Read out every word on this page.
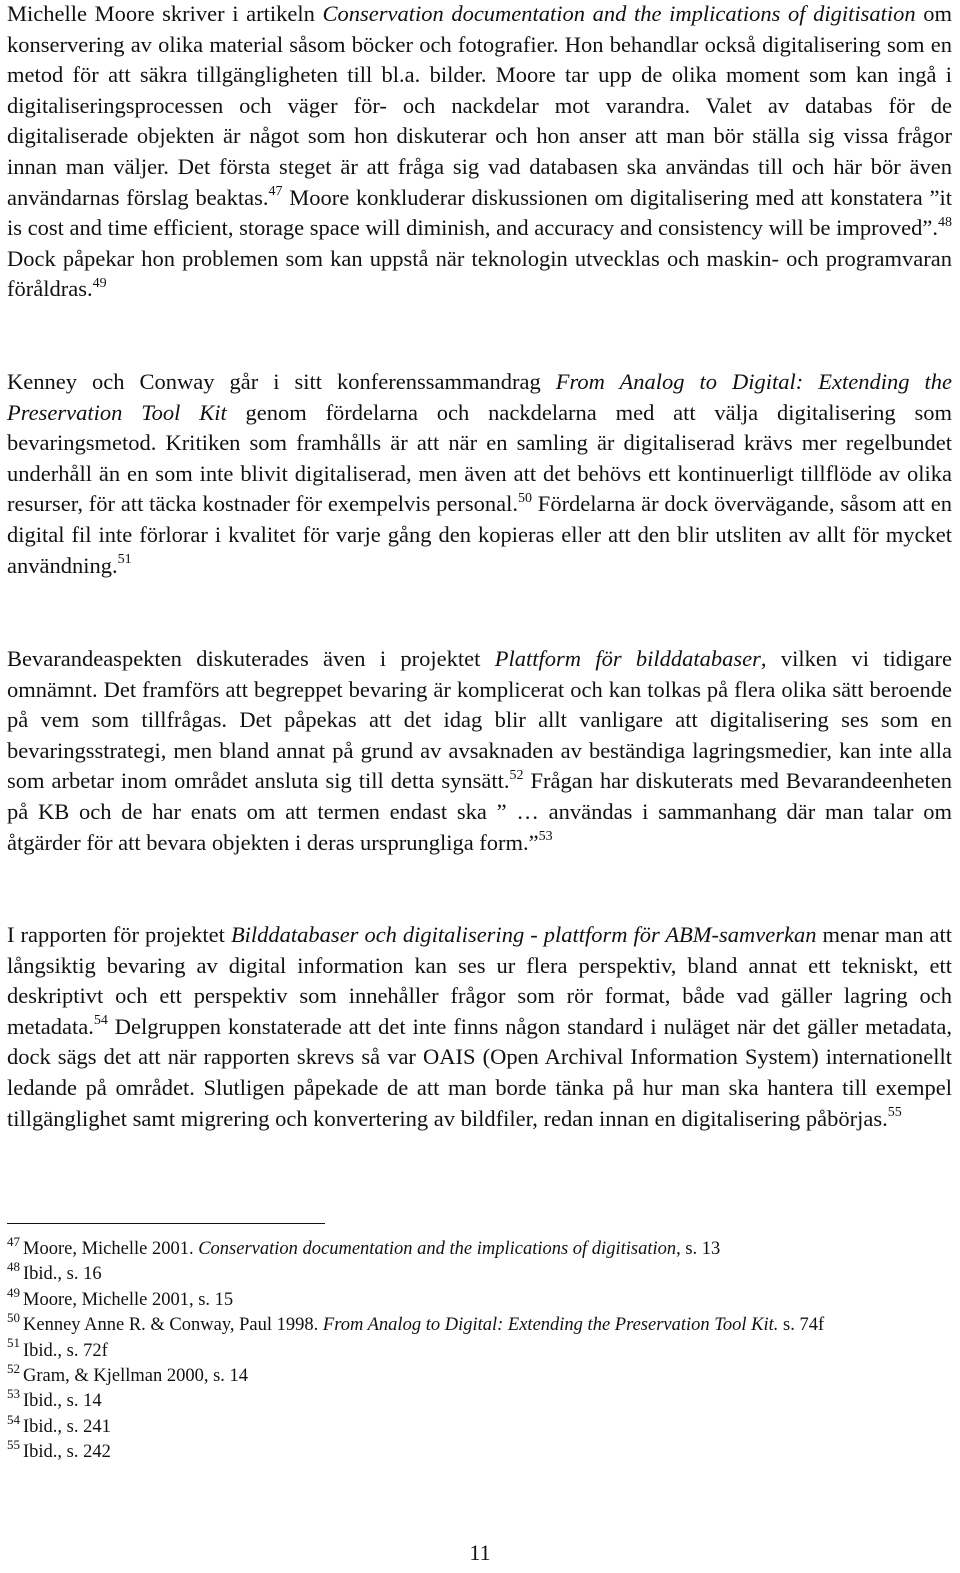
Michelle Moore skriver i artikeln Conservation documentation and the implications of digitisation om konservering av olika material såsom böcker och fotografier. Hon behandlar också digitalisering som en metod för att säkra tillgängligheten till bl.a. bilder. Moore tar upp de olika moment som kan ingå i digitaliseringsprocessen och väger för- och nackdelar mot varandra. Valet av databas för de digitaliserade objekten är något som hon diskuterar och hon anser att man bör ställa sig vissa frågor innan man väljer. Det första steget är att fråga sig vad databasen ska användas till och här bör även användarnas förslag beaktas.$^{47}$ Moore konkluderar diskussionen om digitalisering med att konstatera ”it is cost and time efficient, storage space will diminish, and accuracy and consistency will be improved”.$^{48}$ Dock påpekar hon problemen som kan uppstå när teknologin utvecklas och maskin- och programvaran föråldras.$^{49}$

Kenney och Conway går i sitt konferenssammandrag From Analog to Digital: Extending the Preservation Tool Kit genom fördelarna och nackdelarna med att välja digitalisering som bevaringsmetod. Kritiken som framhålls är att när en samling är digitaliserad krävs mer regelbundet underhåll än en som inte blivit digitaliserad, men även att det behövs ett kontinuerligt tillflöde av olika resurser, för att täcka kostnader för exempelvis personal.$^{50}$ Fördelarna är dock övervägande, såsom att en digital fil inte förlorar i kvalitet för varje gång den kopieras eller att den blir utsliten av allt för mycket användning.$^{51}$

Bevarandeaspekten diskuterades även i projektet Plattform för bilddatabaser, vilken vi tidigare omnämnt. Det framförs att begreppet bevaring är komplicerat och kan tolkas på flera olika sätt beroende på vem som tillfrågas. Det påpekas att det idag blir allt vanligare att digitalisering ses som en bevaringsstrategi, men bland annat på grund av avsaknaden av beständiga lagringsmedier, kan inte alla som arbetar inom området ansluta sig till detta synsätt.$^{52}$ Frågan har diskuterats med Bevarandeenheten på KB och de har enats om att termen endast ska ” … användas i sammanhang där man talar om åtgärder för att bevara objekten i deras ursprungliga form.”$^{53}$

I rapporten för projektet Bilddatabaser och digitalisering - plattform för ABM-samverkan menar man att långsiktig bevaring av digital information kan ses ur flera perspektiv, bland annat ett tekniskt, ett deskriptivt och ett perspektiv som innehåller frågor som rör format, både vad gäller lagring och metadata.$^{54}$ Delgruppen konstaterade att det inte finns någon standard i nuläget när det gäller metadata, dock sägs det att när rapporten skrevs så var OAIS (Open Archival Information System) internationellt ledande på området. Slutligen påpekade de att man borde tänka på hur man ska hantera till exempel tillgänglighet samt migrering och konvertering av bildfiler, redan innan en digitalisering påbörjas.$^{55}$

$^{47}$ Moore, Michelle 2001. Conservation documentation and the implications of digitisation, s. 13

$^{48}$ Ibid., s. 16

$^{49}$ Moore, Michelle 2001, s. 15

$^{50}$ Kenney Anne R. & Conway, Paul 1998. From Analog to Digital: Extending the Preservation Tool Kit. s. 74f

$^{51}$ Ibid., s. 72f

$^{52}$ Gram, & Kjellman 2000, s. 14

$^{53}$ Ibid., s. 14

$^{54}$ Ibid., s. 241

$^{55}$ Ibid., s. 242

11
